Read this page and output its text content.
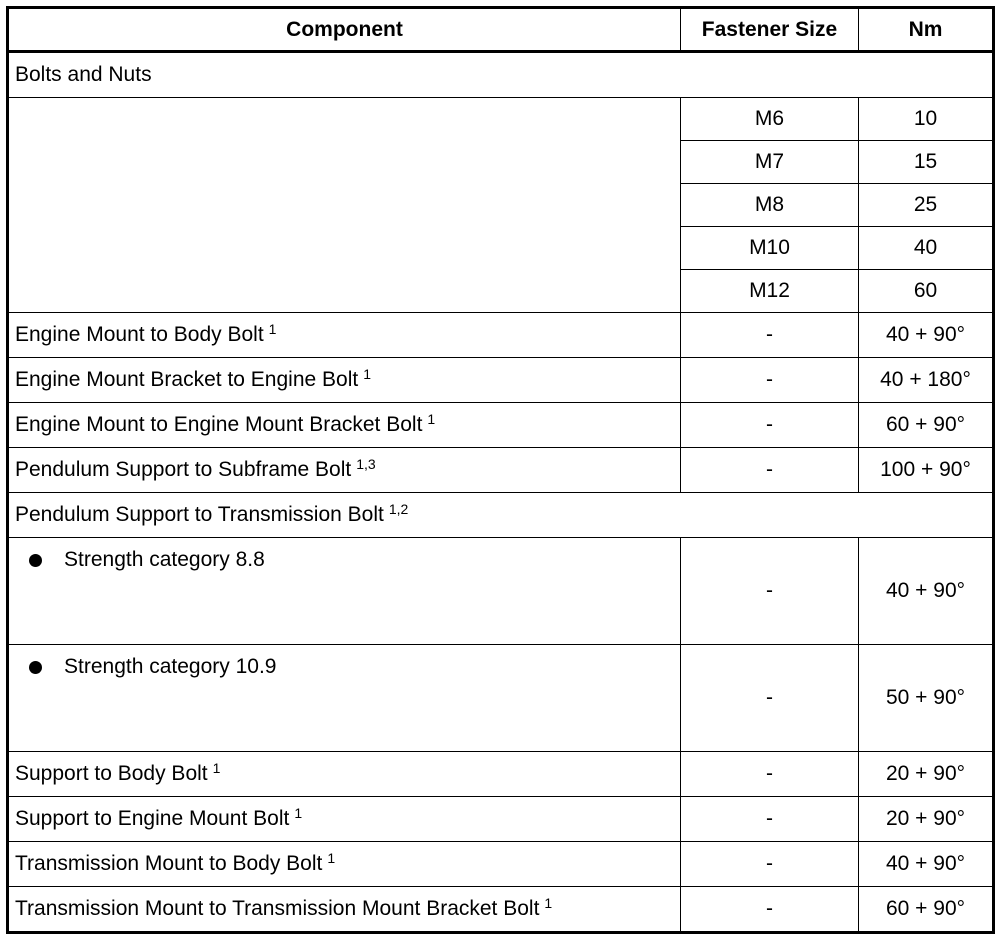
Component	Fastener Size	Nm
Bolts and Nuts		
	M6	10
	M7	15
	M8	25
	M10	40
	M12	60
Engine Mount to Body Bolt $^1$	-	40 + 90°
Engine Mount Bracket to Engine Bolt $^1$	-	40 + 180°
Engine Mount to Engine Mount Bracket Bolt $^1$	-	60 + 90°
Pendulum Support to Subframe Bolt $^{1,3}$	-	100 + 90°
Pendulum Support to Transmission Bolt $^{1,2}$

Strength category 8.8	-	40 + 90°

Strength category 10.9	-	50 + 90°
Support to Body Bolt $^1$	-	20 + 90°
Support to Engine Mount Bolt $^1$	-	20 + 90°
Transmission Mount to Body Bolt $^1$	-	40 + 90°
Transmission Mount to Transmission Mount Bracket Bolt $^1$	-	60 + 90°
